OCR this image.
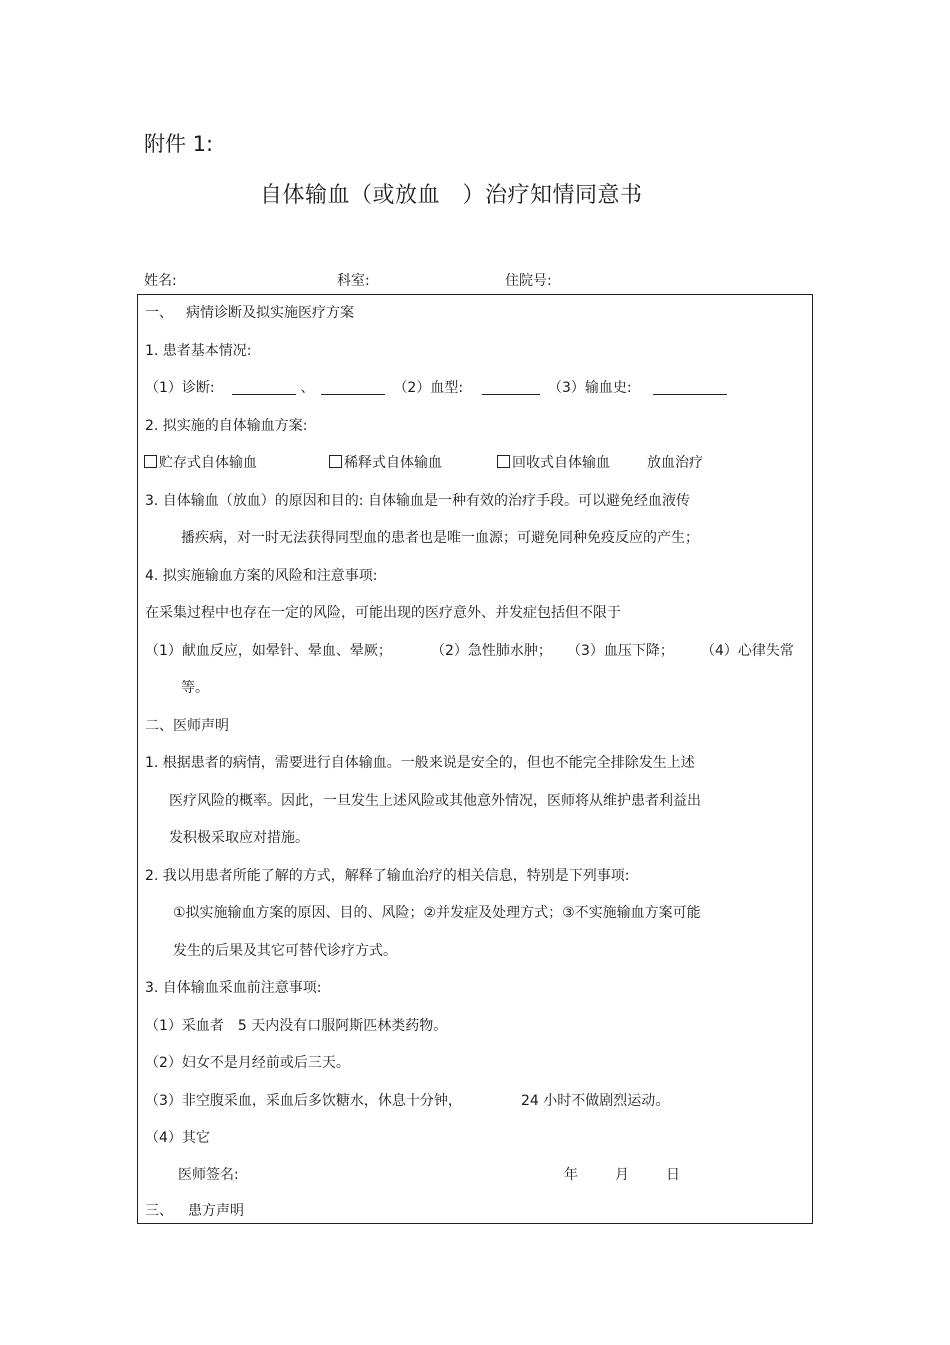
附件 1:
自体输血（或放血　）治疗知情同意书
姓名:	科室:	住院号:
一、 病情诊断及拟实施医疗方案
1. 患者基本情况:
（1）诊断:	、	（2）血型:	（3）输血史:
2. 拟实施的自体输血方案:
贮存式自体输血	稀释式自体输血	回收式自体输血	放血治疗
3. 自体输血（放血）的原因和目的: 自体输血是一种有效的治疗手段。可以避免经血液传
播疾病，对一时无法获得同型血的患者也是唯一血源；可避免同种免疫反应的产生；
4. 拟实施输血方案的风险和注意事项:
在采集过程中也存在一定的风险，可能出现的医疗意外、并发症包括但不限于
（1）献血反应，如晕针、晕血、晕厥；	（2）急性肺水肿； （3）血压下降； （4）心律失常
等。
二、医师声明
1. 根据患者的病情，需要进行自体输血。一般来说是安全的，但也不能完全排除发生上述
医疗风险的概率。因此，一旦发生上述风险或其他意外情况，医师将从维护患者利益出
发积极采取应对措施。
2. 我以用患者所能了解的方式，解释了输血治疗的相关信息，特别是下列事项:
①拟实施输血方案的原因、目的、风险；②并发症及处理方式；③不实施输血方案可能
发生的后果及其它可替代诊疗方式。
3. 自体输血采血前注意事项:
（1）采血者　5 天内没有口服阿斯匹林类药物。
（2）妇女不是月经前或后三天。
（3）非空腹采血，采血后多饮糖水，休息十分钟，	24 小时不做剧烈运动。
（4）其它
医师签名:	年	月	日
三、 患方声明
